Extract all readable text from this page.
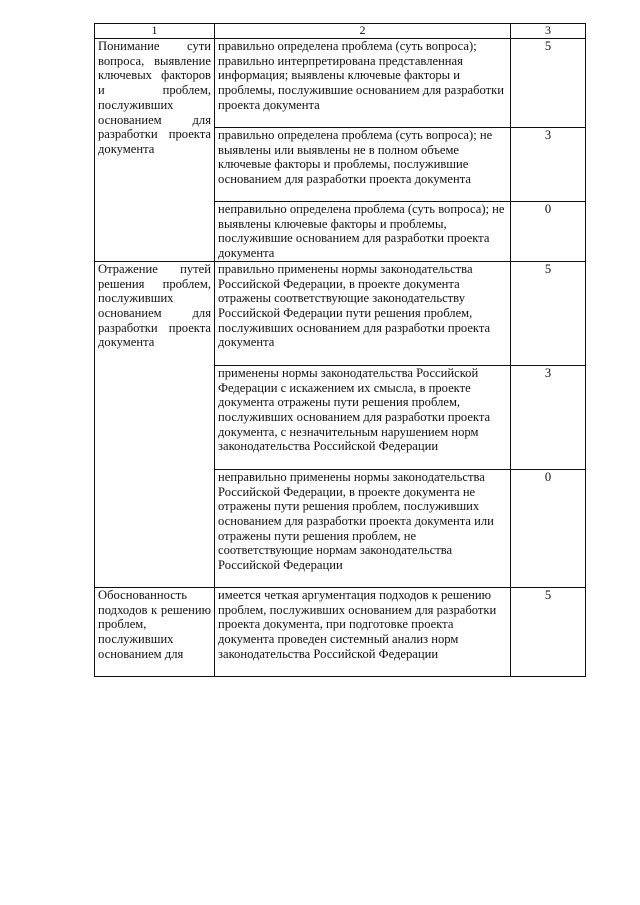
1	2	3
Понимание сути вопроса, выявление ключевых факторов и проблем, послуживших основанием для разработки проекта документа	правильно определена проблема (суть вопроса); правильно интерпретирована представленная информация; выявлены ключевые факторы и проблемы, послужившие основанием для разработки проекта документа	5
	правильно определена проблема (суть вопроса); не выявлены или выявлены не в полном объеме ключевые факторы и проблемы, послужившие основанием для разработки проекта документа	3
	неправильно определена проблема (суть вопроса); не выявлены ключевые факторы и проблемы, послужившие основанием для разработки проекта документа	0
Отражение путей решения проблем, послуживших основанием для разработки проекта документа	правильно применены нормы законодательства Российской Федерации, в проекте документа отражены соответствующие законодательству Российской Федерации пути решения проблем, послуживших основанием для разработки проекта документа	5
	применены нормы законодательства Российской Федерации с искажением их смысла, в проекте документа отражены пути решения проблем, послуживших основанием для разработки проекта документа, с незначительным нарушением норм законодательства Российской Федерации	3
	неправильно применены нормы законодательства Российской Федерации, в проекте документа не отражены пути решения проблем, послуживших основанием для разработки проекта документа или отражены пути решения проблем, не соответствующие нормам законодательства Российской Федерации	0
Обоснованность подходов к решению проблем, послуживших основанием для	имеется четкая аргументация подходов к решению проблем, послуживших основанием для разработки проекта документа, при подготовке проекта документа проведен системный анализ норм законодательства Российской Федерации	5
